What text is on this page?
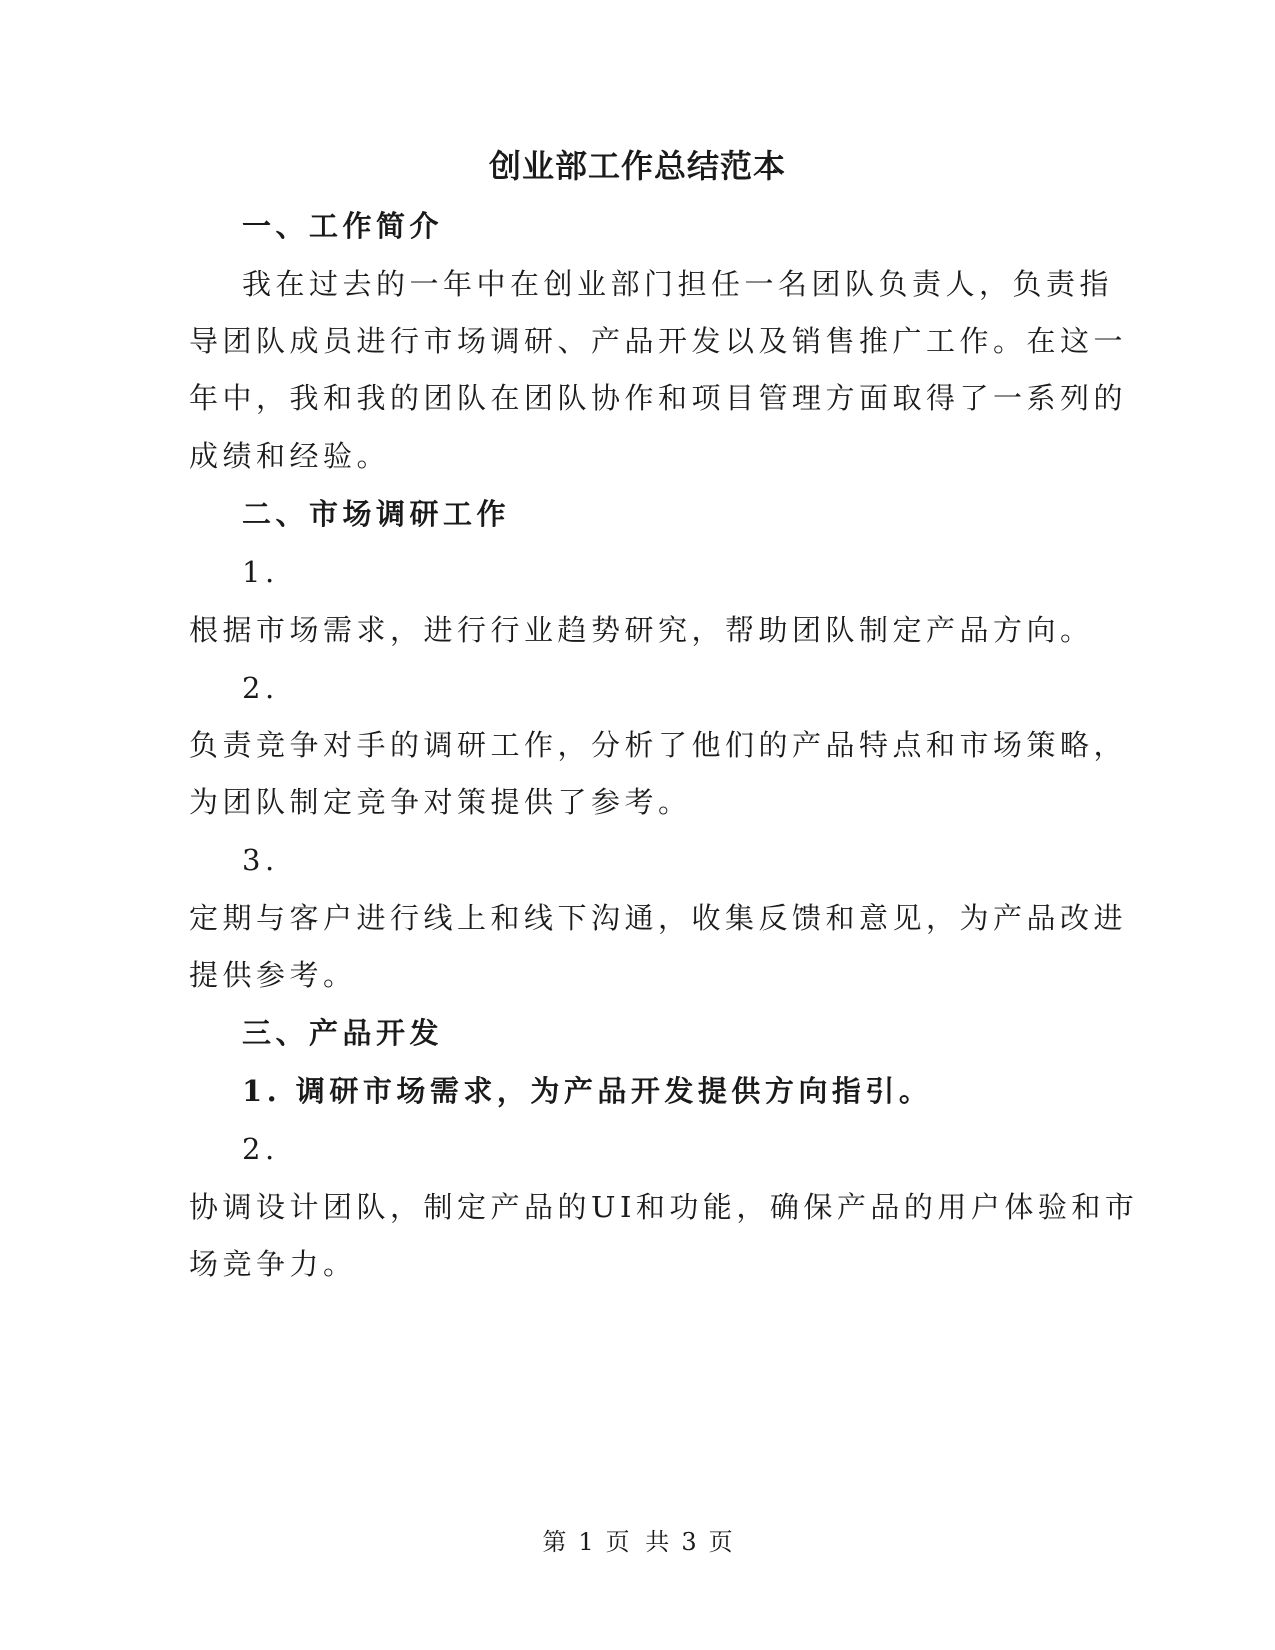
创业部工作总结范本
一、工作简介
我在过去的一年中在创业部门担任一名团队负责人，负责指
导团队成员进行市场调研、产品开发以及销售推广工作。在这一
年中，我和我的团队在团队协作和项目管理方面取得了一系列的
成绩和经验。
二、市场调研工作
1.
根据市场需求，进行行业趋势研究，帮助团队制定产品方向。
2.
负责竞争对手的调研工作，分析了他们的产品特点和市场策略，
为团队制定竞争对策提供了参考。
3.
定期与客户进行线上和线下沟通，收集反馈和意见，为产品改进
提供参考。
三、产品开发
1. 调研市场需求，为产品开发提供方向指引。
2.
协调设计团队，制定产品的UI和功能，确保产品的用户体验和市
场竞争力。
第 1 页 共 3 页
